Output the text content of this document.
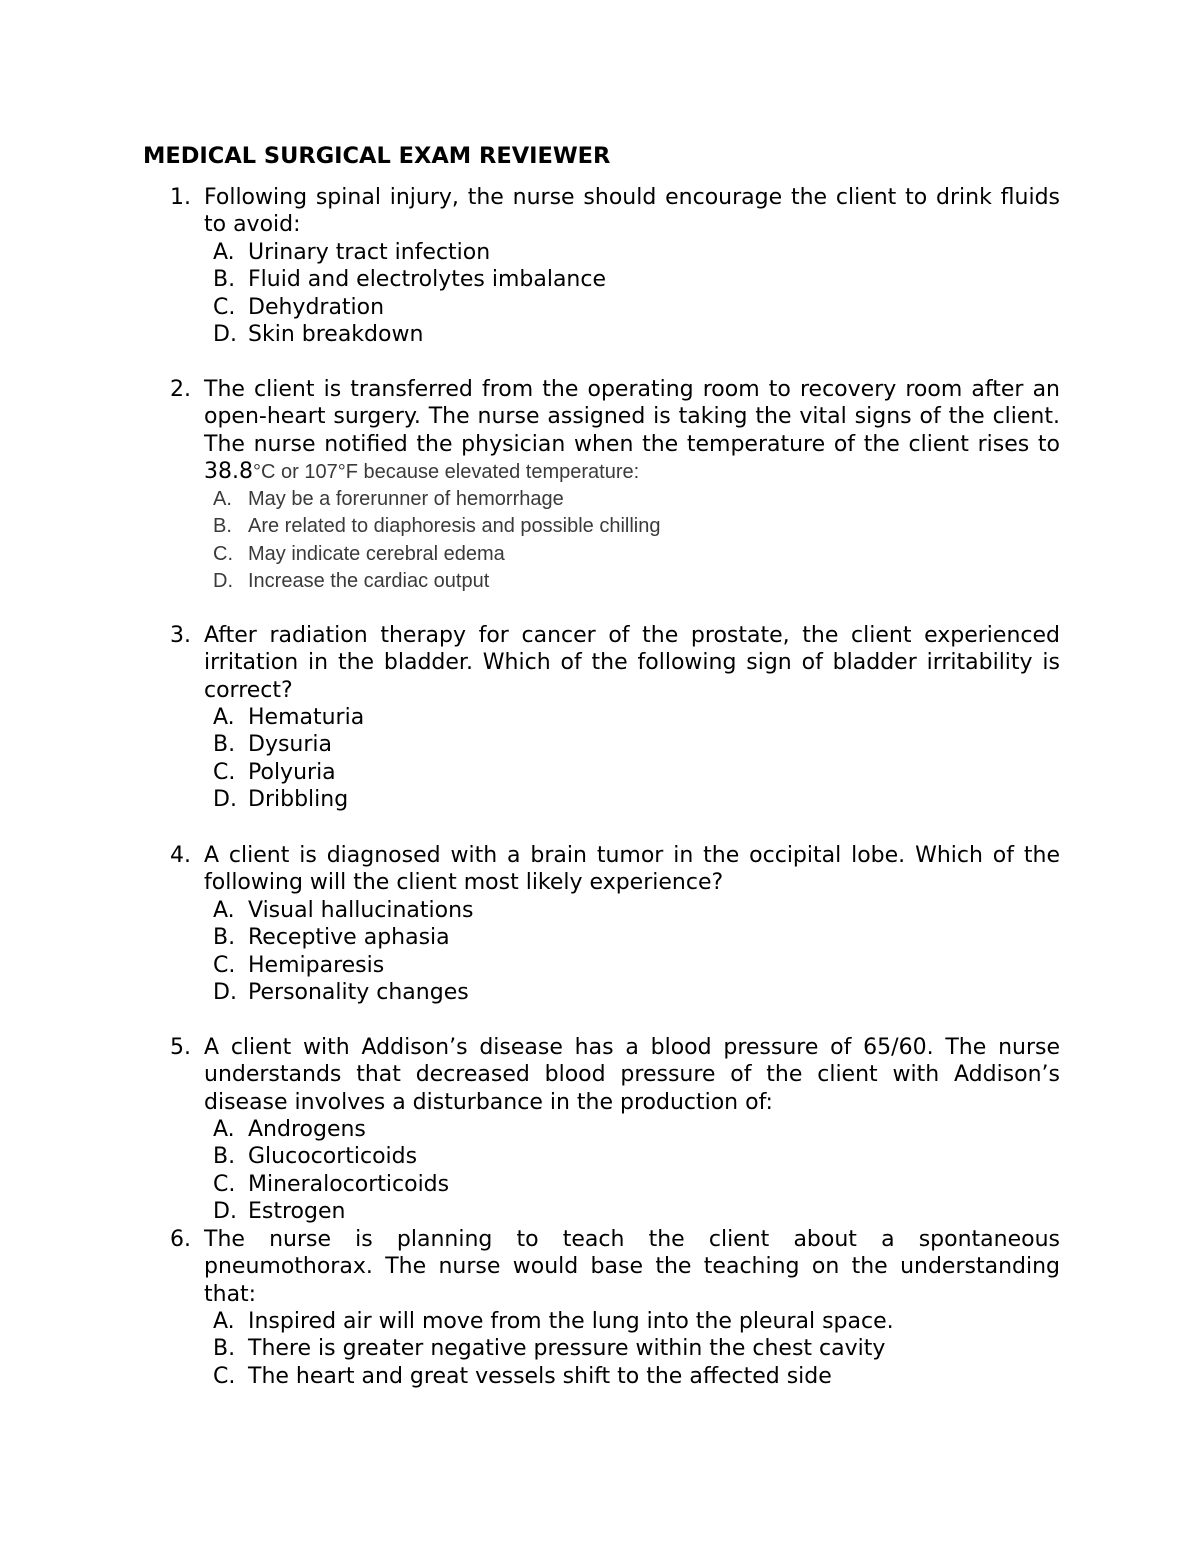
MEDICAL SURGICAL EXAM REVIEWER
1. Following spinal injury, the nurse should encourage the client to drink fluids to avoid:

A. Urinary tract infection
B. Fluid and electrolytes imbalance
C. Dehydration
D. Skin breakdown
2. The client is transferred from the operating room to recovery room after an open-heart surgery. The nurse assigned is taking the vital signs of the client. The nurse notified the physician when the temperature of the client rises to 38.8°C or 107°F because elevated temperature:

A. May be a forerunner of hemorrhage
B. Are related to diaphoresis and possible chilling
C. May indicate cerebral edema
D. Increase the cardiac output
3. After radiation therapy for cancer of the prostate, the client experienced irritation in the bladder. Which of the following sign of bladder irritability is correct?

A. Hematuria
B. Dysuria
C. Polyuria
D. Dribbling
4. A client is diagnosed with a brain tumor in the occipital lobe. Which of the following will the client most likely experience?

A. Visual hallucinations
B. Receptive aphasia
C. Hemiparesis
D. Personality changes
5. A client with Addison’s disease has a blood pressure of 65/60. The nurse understands that decreased blood pressure of the client with Addison’s disease involves a disturbance in the production of:

A. Androgens
B. Glucocorticoids
C. Mineralocorticoids
D. Estrogen
6. The nurse is planning to teach the client about a spontaneous pneumothorax. The nurse would base the teaching on the understanding that:

A. Inspired air will move from the lung into the pleural space.
B. There is greater negative pressure within the chest cavity
C. The heart and great vessels shift to the affected side
